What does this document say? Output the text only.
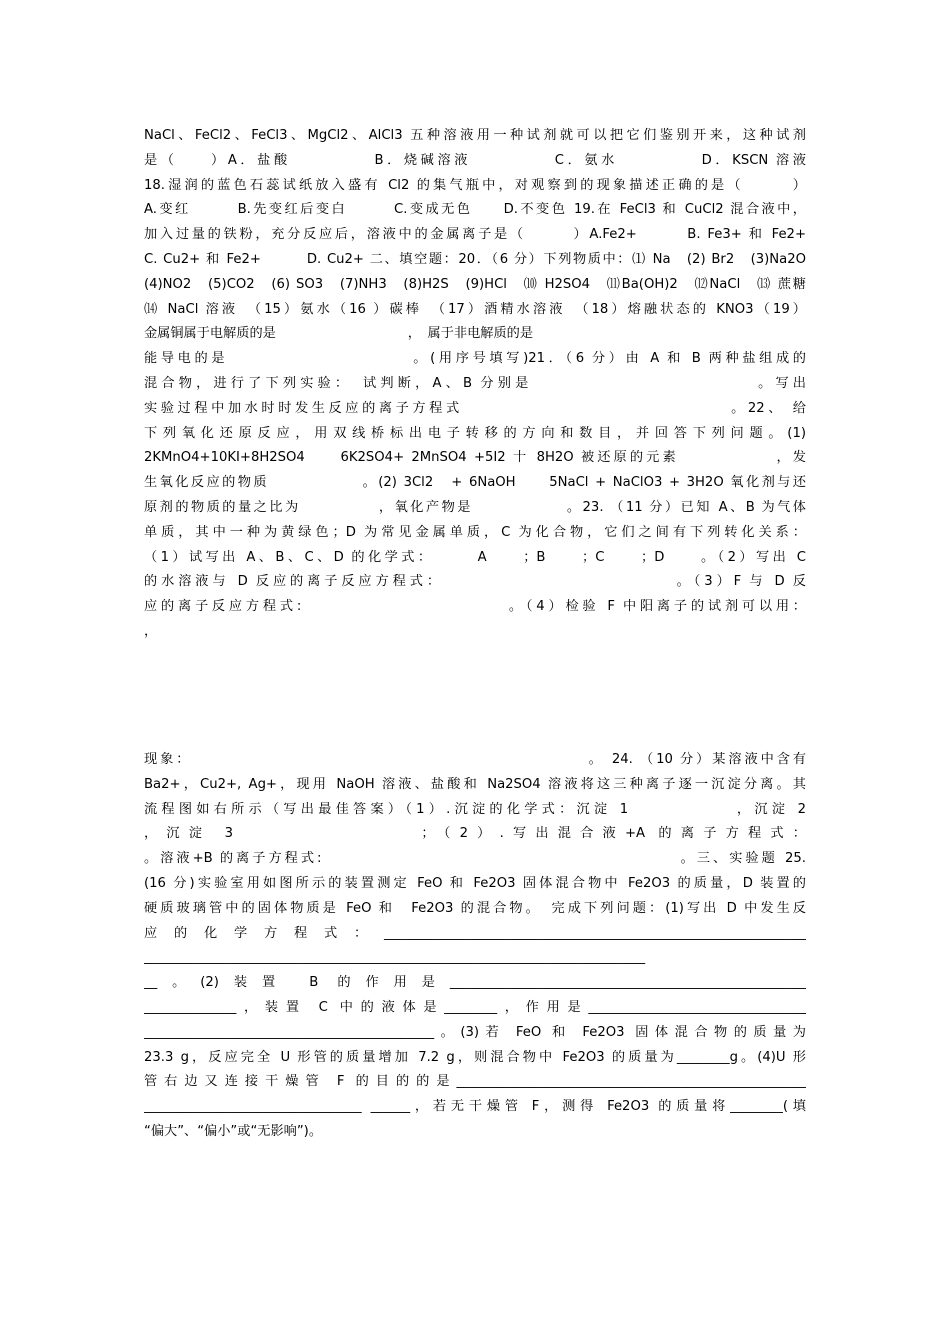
NaCl、FeCl2、FeCl3、MgCl2、AlCl3 五种溶液用一种试剂就可以把它们鉴别开来，这种试剂
是（　　）A．盐酸　　　　　B．烧碱溶液　　　　　C．氨水　　　　　D．KSCN 溶液
18.湿润的蓝色石蕊试纸放入盛有 Cl2 的集气瓶中，对观察到的现象描述正确的是（　　　）
A.变红　　　B.先变红后变白　　　C.变成无色　　D.不变色 19.在 FeCl3 和 CuCl2 混合液中，
加入过量的铁粉，充分反应后，溶液中的金属离子是（　　　）A.Fe2+　　　B. Fe3+ 和 Fe2+
C. Cu2+ 和 Fe2+　　　D. Cu2+ 二、填空题：20．（6 分）下列物质中：⑴ Na　(2) Br2　(3)Na2O
(4)NO2　(5)CO2　(6) SO3　(7)NH3　(8)H2S　(9)HCl　⑽ H2SO4　⑾Ba(OH)2　⑿NaCl　⒀ 蔗糖
⒁ NaCl 溶液　（15）氨水（16 ）碳棒　（17）酒精水溶液　（18）熔融状态的 KNO3（19）
金属铜属于电解质的是　　　　　　　　　　，　属于非电解质的是
能导电的是　　　　　　　　　　　。(用序号填写)21．（6 分）由 A 和 B 两种盐组成的
混合物，进行了下列实验：　试判断，A、B 分别是　　　　　　　　　　　　　。写出
实验过程中加水时时发生反应的离子方程式　　　　　　　　　　　　　　　　。22、 给
下列氧化还原反应，用双线桥标出电子转移的方向和数目，并回答下列问题。(1)
2KMnO4+10KI+8H2SO4　　6K2SO4+ 2MnSO4 +5I2 十 8H2O 被还原的元素　　　　　　，发
生氧化反应的物质　　　　　　。(2) 3Cl2　+ 6NaOH　　5NaCl + NaClO3 + 3H2O 氧化剂与还
原剂的物质的量之比为　　　　　，氧化产物是　　　　　　。23. （11 分）已知 A、B 为气体
单质，其中一种为黄绿色；D 为常见金属单质，C 为化合物，它们之间有下列转化关系：
（1）试写出 A、B、C、D 的化学式：　　　A　　；B　　；C　　；D　　。（2）写出 C
的水溶液与 D 反应的离子反应方程式：　　　　　　　　　　　　　　。（3）F 与 D 反
应的离子反应方程式:　　　　　　　　　　　　。（4）检验 F 中阳离子的试剂可以用：
，
现象：　　　　　　　　　　　　　　　　　　　　　　　　　。 24. （10 分）某溶液中含有
Ba2+，Cu2+, Ag+，现用 NaOH 溶液、盐酸和 Na2SO4 溶液将这三种离子逐一沉淀分离。其
流程图如右所示（写出最佳答案）（1）.沉淀的化学式：沉淀 1　　　　　　，沉淀 2
，沉淀 3　　　　　　　　；（2）.写出混合液+A 的离子方程式：
。溶液+B 的离子方程式:　　　　　　　　　　　　　　　　　　　　　　。三、实验题 25.
(16 分)实验室用如图所示的装置测定 FeO 和 Fe2O3 固体混合物中 Fe2O3 的质量，D 装置的
硬质玻璃管中的固体物质是 FeO 和　Fe2O3 的混合物。　完成下列问题：(1)写出 D 中发生反
应的化学方程式：________________________________________________________________
____________________________________________________________________________
__。(2)装置 B 的作用是______________________________________________________
______________，装置 C 中的液体是________，作用是_________________________________
____________________________________________。(3)若 FeO 和 Fe2O3 固体混合物的质量为
23.3 g，反应完全 U 形管的质量增加 7.2 g，则混合物中 Fe2O3 的质量为________g。(4)U 形
管右边又连接干燥管 F 的目的的是_____________________________________________________
_________________________________ ______，若无干燥管 F，测得 Fe2O3 的质量将________(填
“偏大”、“偏小”或“无影响”)。
